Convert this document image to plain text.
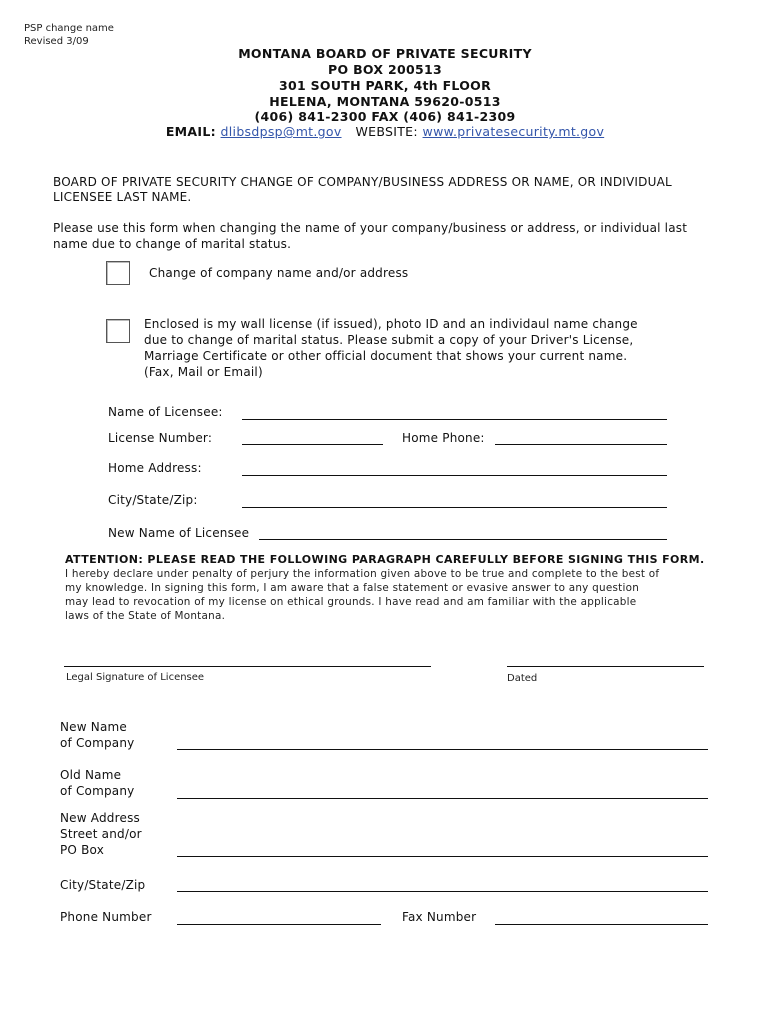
PSP change name
Revised 3/09
MONTANA BOARD OF PRIVATE SECURITY
PO BOX 200513
301 SOUTH PARK, 4th FLOOR
HELENA, MONTANA 59620-0513
(406) 841-2300 FAX (406) 841-2309
EMAIL: dlibsdpsp@mt.gov WEBSITE: www.privatesecurity.mt.gov
BOARD OF PRIVATE SECURITY CHANGE OF COMPANY/BUSINESS ADDRESS OR NAME, OR INDIVIDUAL
LICENSEE LAST NAME.
Please use this form when changing the name of your company/business or address, or individual last
name due to change of marital status.
Change of company name and/or address
Enclosed is my wall license (if issued), photo ID and an individaul name change
due to change of marital status. Please submit a copy of your Driver's License,
Marriage Certificate or other official document that shows your current name.
(Fax, Mail or Email)
Name of Licensee:
License Number:	Home Phone:
Home Address:
City/State/Zip:
New Name of Licensee
ATTENTION: PLEASE READ THE FOLLOWING PARAGRAPH CAREFULLY BEFORE SIGNING THIS FORM.
I hereby declare under penalty of perjury the information given above to be true and complete to the best of
my knowledge. In signing this form, I am aware that a false statement or evasive answer to any question
may lead to revocation of my license on ethical grounds. I have read and am familiar with the applicable
laws of the State of Montana.
Legal Signature of Licensee	Dated
New Name
of Company
Old Name
of Company
New Address
Street and/or
PO Box
City/State/Zip
Phone Number	Fax Number
